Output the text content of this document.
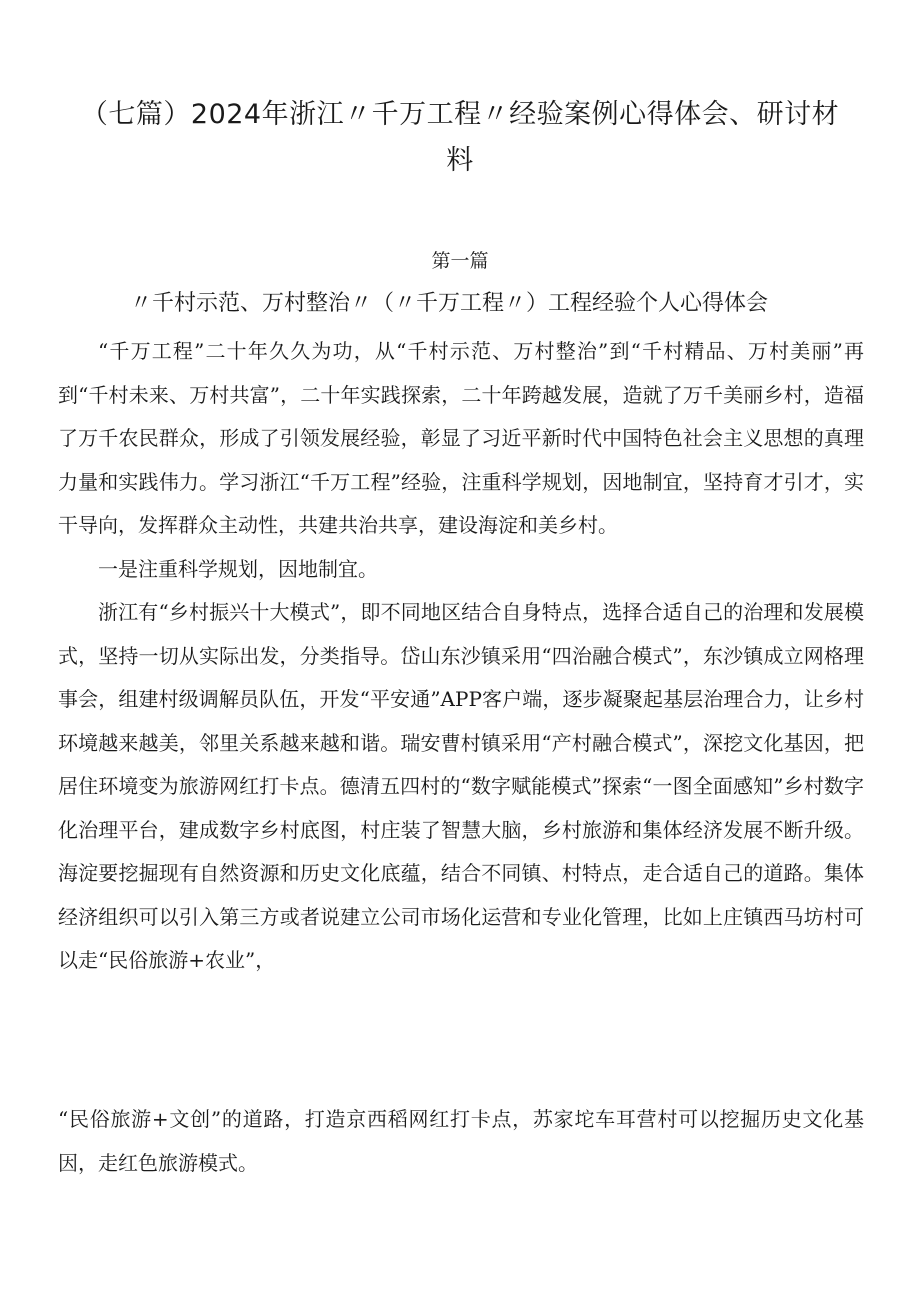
（七篇）2024年浙江〃千万工程〃经验案例心得体会、研讨材料
第一篇
〃千村示范、万村整治〃（〃千万工程〃）工程经验个人心得体会

“千万工程”二十年久久为功，从“千村示范、万村整治”到“千村精品、万村美丽”再到“千村未来、万村共富”，二十年实践探索，二十年跨越发展，造就了万千美丽乡村，造福了万千农民群众，形成了引领发展经验，彰显了习近平新时代中国特色社会主义思想的真理力量和实践伟力。学习浙江“千万工程”经验，注重科学规划，因地制宜，坚持育才引才，实干导向，发挥群众主动性，共建共治共享，建设海淀和美乡村。

一是注重科学规划，因地制宜。

浙江有“乡村振兴十大模式”，即不同地区结合自身特点，选择合适自己的治理和发展模式，坚持一切从实际出发，分类指导。岱山东沙镇采用“四治融合模式”，东沙镇成立网格理事会，组建村级调解员队伍，开发“平安通”APP客户端，逐步凝聚起基层治理合力，让乡村环境越来越美，邻里关系越来越和谐。瑞安曹村镇采用“产村融合模式”，深挖文化基因，把居住环境变为旅游网红打卡点。德清五四村的“数字赋能模式”探索“一图全面感知”乡村数字化治理平台，建成数字乡村底图，村庄装了智慧大脑，乡村旅游和集体经济发展不断升级。海淀要挖掘现有自然资源和历史文化底蕴，结合不同镇、村特点，走合适自己的道路。集体经济组织可以引入第三方或者说建立公司市场化运营和专业化管理，比如上庄镇西马坊村可以走“民俗旅游+农业”，

“民俗旅游+文创”的道路，打造京西稻网红打卡点，苏家坨车耳营村可以挖掘历史文化基因，走红色旅游模式。
